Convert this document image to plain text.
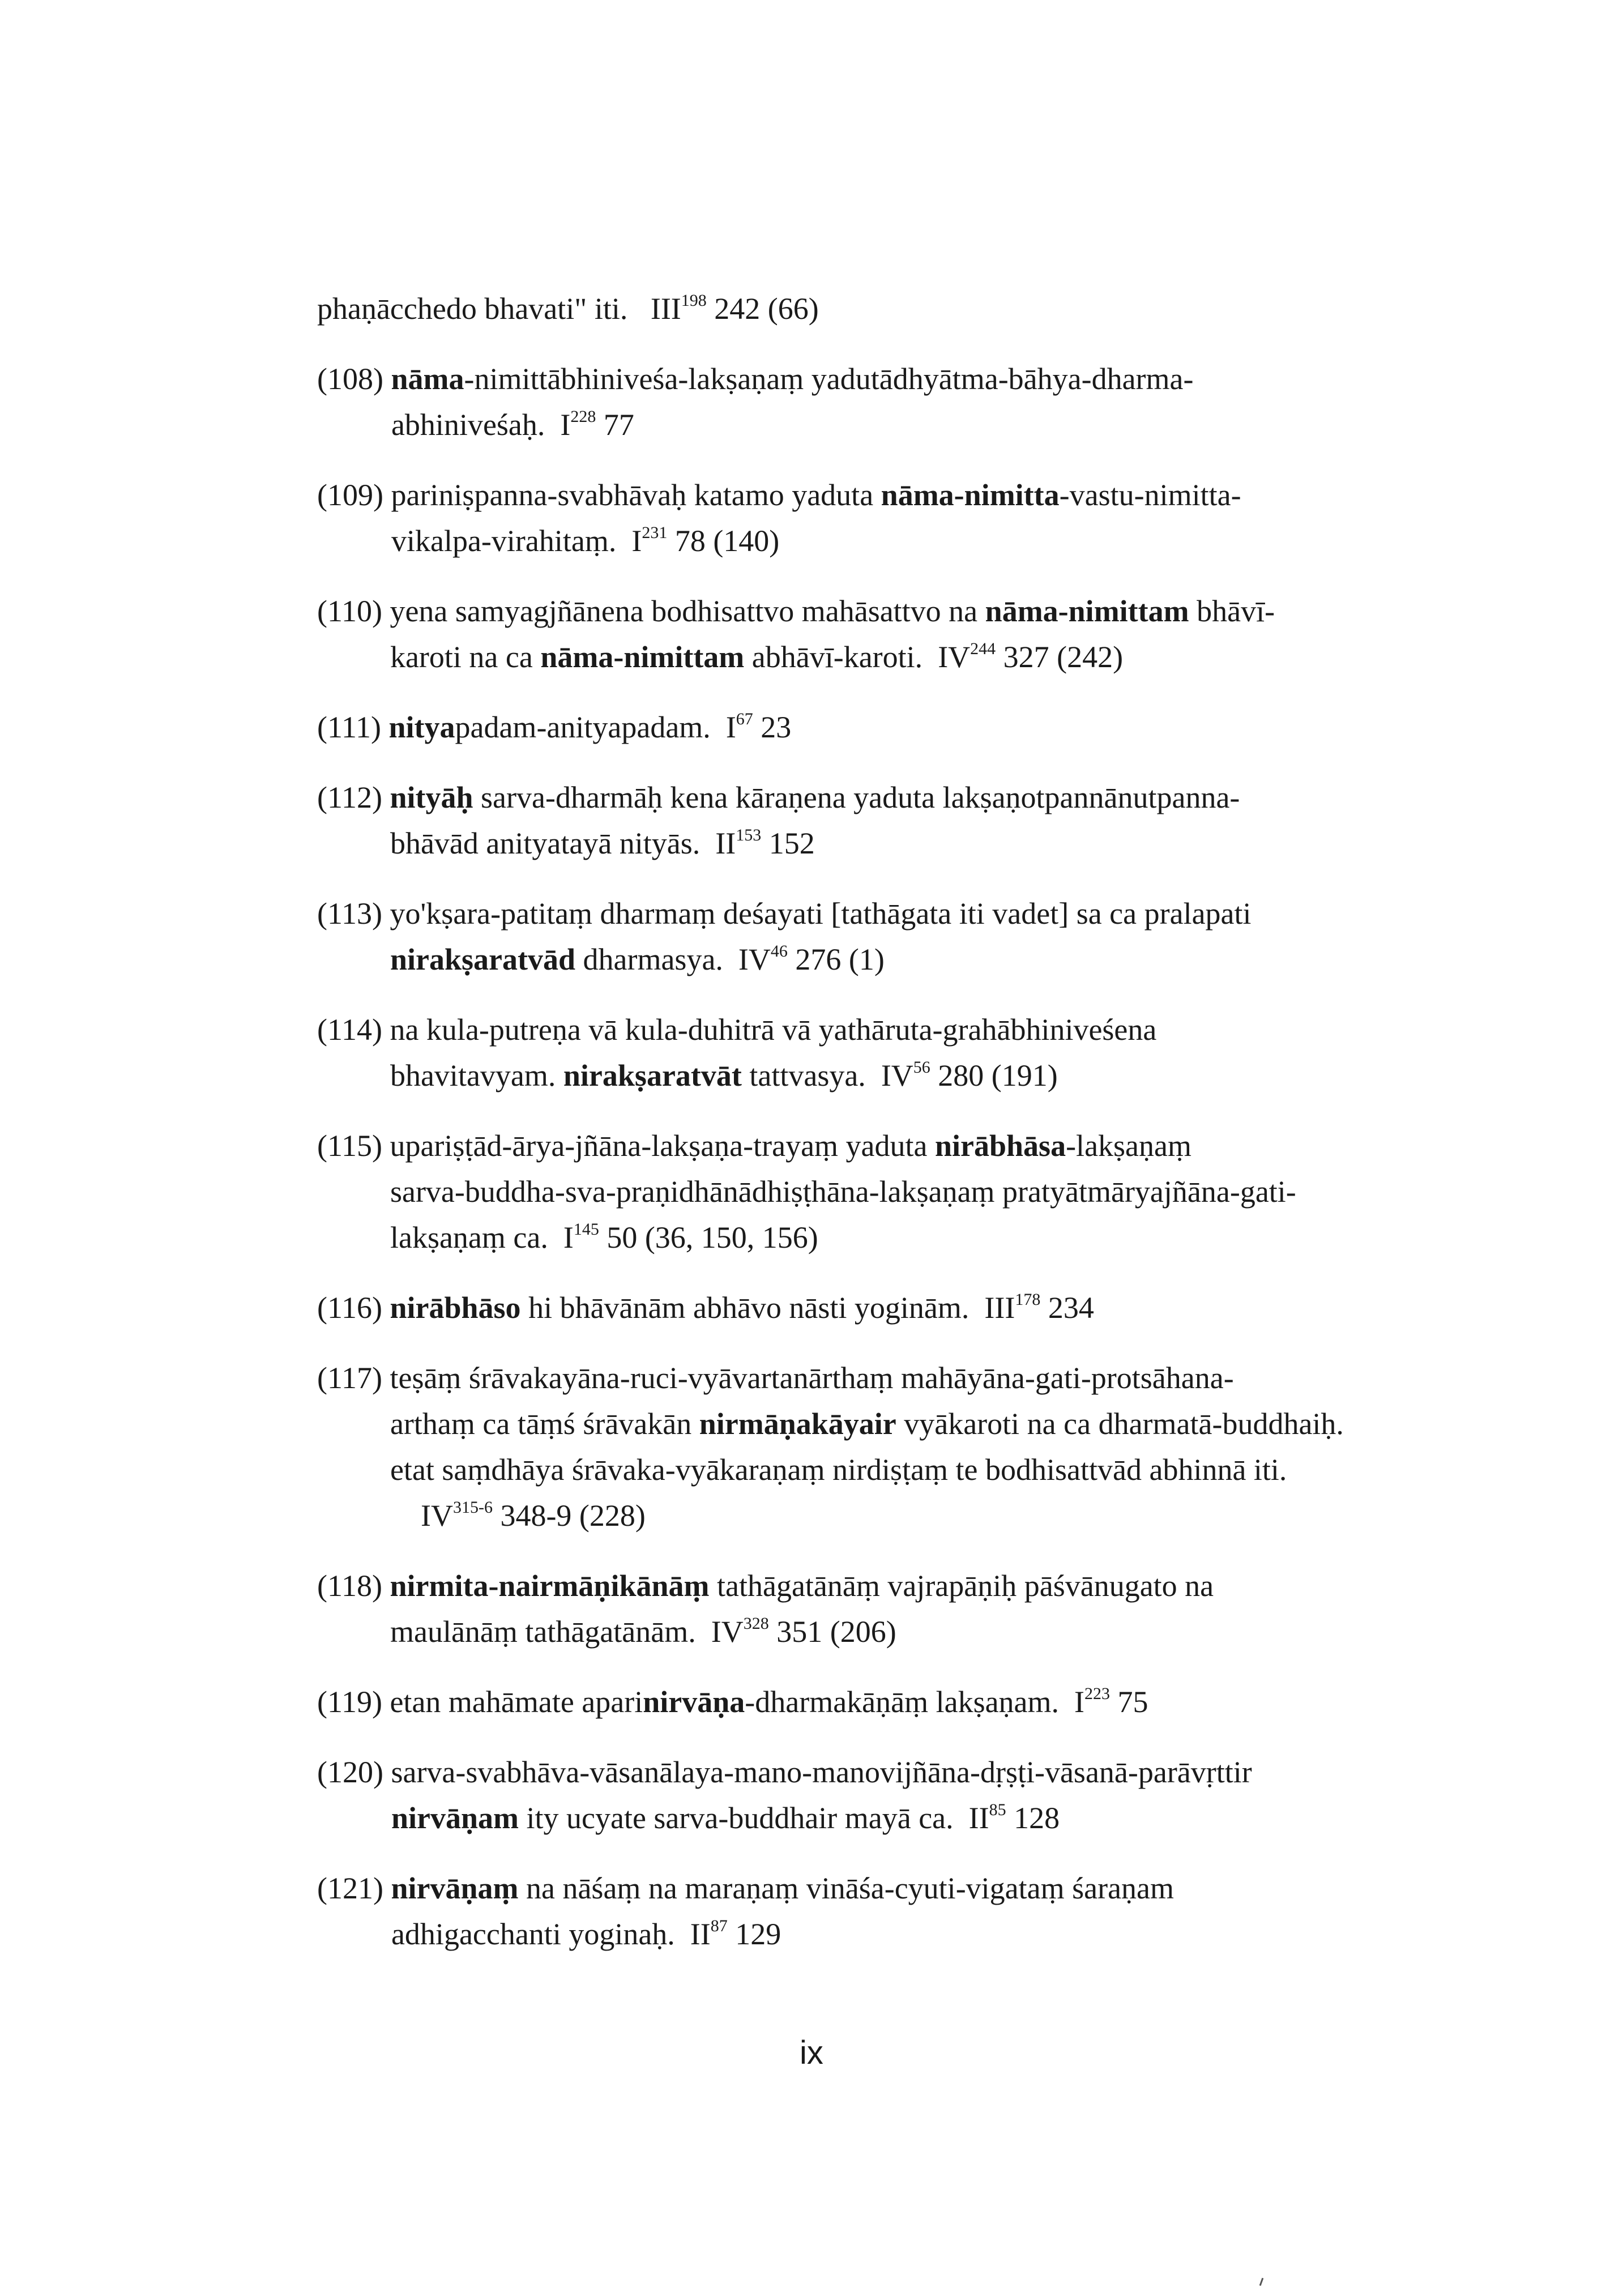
phaṇācchedo bhavati" iti. III$^{198}$ 242 (66)
(108) nāma-nimittābhiniveśa-lakṣaṇaṃ yadutādhyātma-bāhya-dharma-
abhiniveśaḥ. $I^{228}$ 77
(109) pariniṣpanna-svabhāvaḥ katamo yaduta nāma-nimitta-vastu-nimitta-
vikalpa-virahitaṃ. $I^{231}$ 78 (140)
(110) yena samyagjñānena bodhisattvo mahāsattvo na nāma-nimittam bhāvī-
karoti na ca nāma-nimittam abhāvī-karoti. IV$^{244}$ 327 (242)
(111) nityapadam-anityapadam. $I^{67}$ 23
(112) nityāḥ sarva-dharmāḥ kena kāraṇena yaduta lakṣaṇotpannānutpanna-
bhāvād anityatayā nityās. II$^{153}$ 152
(113) yo'kṣara-patitaṃ dharmaṃ deśayati [tathāgata iti vadet] sa ca pralapati
nirakṣaratvād dharmasya. IV$^{46}$ 276 (1)
(114) na kula-putreṇa vā kula-duhitrā vā yathāruta-grahābhiniveśena
bhavitavyam. nirakṣaratvāt tattvasya. IV$^{56}$ 280 (191)
(115) upariṣṭād-ārya-jñāna-lakṣaṇa-trayaṃ yaduta nirābhāsa-lakṣaṇaṃ
sarva-buddha-sva-praṇidhānādhiṣṭhāna-lakṣaṇaṃ pratyātmāryajñāna-gati-
lakṣaṇaṃ ca. $I^{145}$ 50 (36, 150, 156)
(116) nirābhāso hi bhāvānām abhāvo nāsti yoginām. III$^{178}$ 234
(117) teṣāṃ śrāvakayāna-ruci-vyāvartanārthaṃ mahāyāna-gati-protsāhana-
arthaṃ ca tāṃś śrāvakān nirmāṇakāyair vyākaroti na ca dharmatā-buddhaiḥ.
etat saṃdhāya śrāvaka-vyākaraṇaṃ nirdiṣṭaṃ te bodhisattvād abhinnā iti.
IV$^{315-6}$ 348-9 (228)
(118) nirmita-nairmāṇikānāṃ tathāgatānāṃ vajrapāṇiḥ pāśvānugato na
maulānāṃ tathāgatānām. IV$^{328}$ 351 (206)
(119) etan mahāmate aparinirvāṇa-dharmakāṇāṃ lakṣaṇam. $I^{223}$ 75
(120) sarva-svabhāva-vāsanālaya-mano-manovijñāna-dṛṣṭi-vāsanā-parāvṛttir
nirvāṇam ity ucyate sarva-buddhair mayā ca. II$^{85}$ 128
(121) nirvāṇaṃ na nāśaṃ na maraṇaṃ vināśa-cyuti-vigataṃ śaraṇam
adhigacchanti yoginaḥ. II$^{87}$ 129
ix
